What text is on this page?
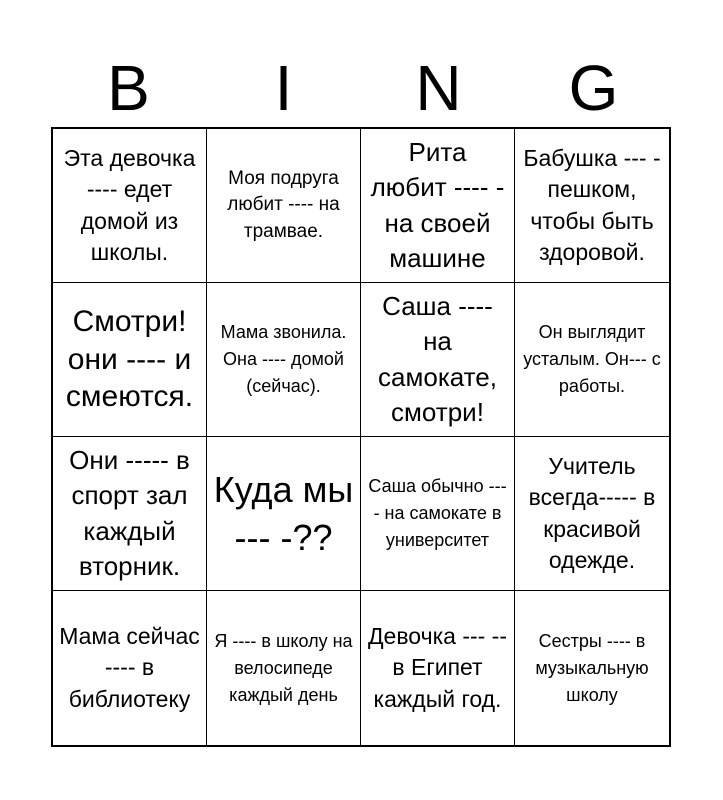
B	I	N	G
Эта девочка ---- едет домой из школы.
Моя подруга любит ---- на трамвае.
Рита любит ---- - на своей машине
Бабушка --- - пешком, чтобы быть здоровой.
Смотри! они ---- и смеются.
Мама звонила. Она ---- домой (сейчас).
Саша ---- на самокате, смотри!
Он выглядит усталым. Он--- с работы.
Они ----- в спорт зал каждый вторник.
Куда мы --- -??
Саша обычно ---- на самокате в университет
Учитель всегда----- в красивой одежде.
Мама сейчас ---- в библиотеку
Я ---- в школу на велосипеде каждый день
Девочка --- -- в Египет каждый год.
Сестры ---- в музыкальную школу
